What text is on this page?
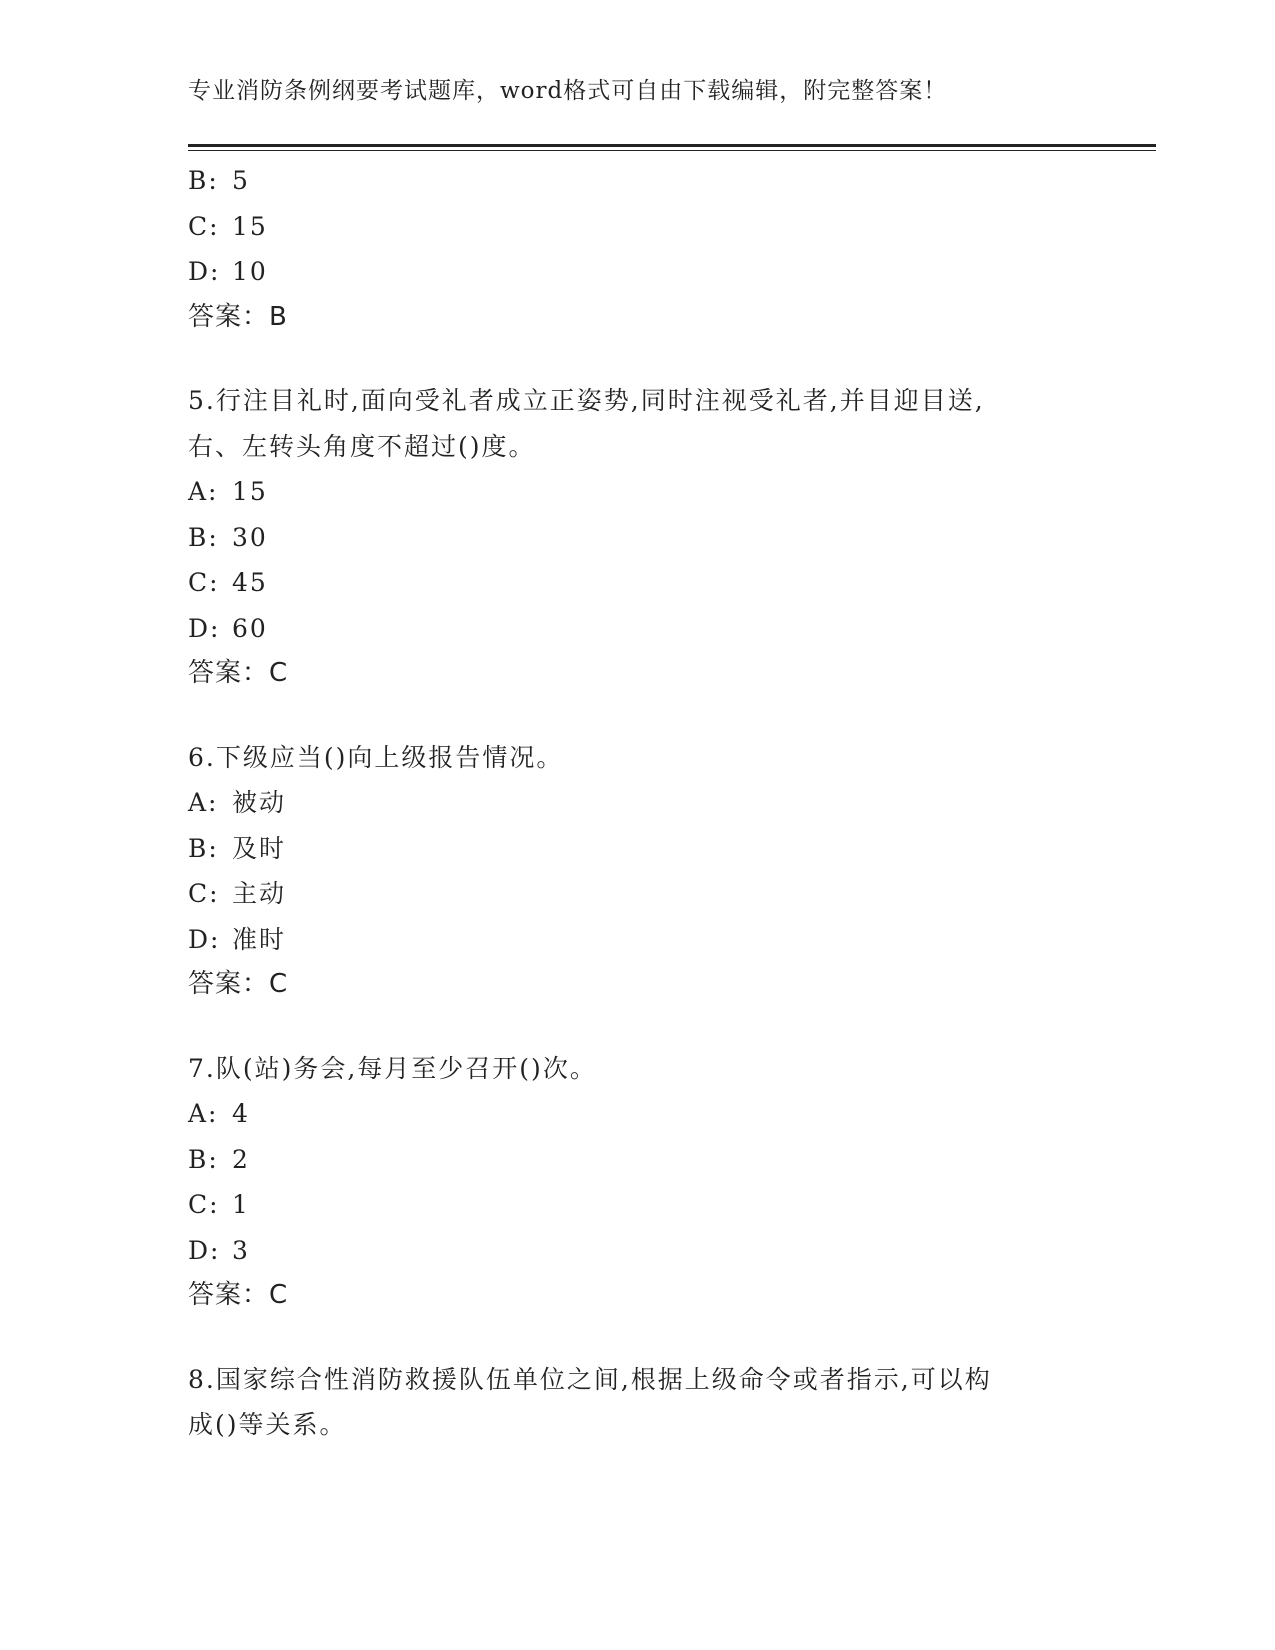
专业消防条例纲要考试题库，word格式可自由下载编辑，附完整答案！
B: 5
C: 15
D: 10
答案：B
5.行注目礼时,面向受礼者成立正姿势,同时注视受礼者,并目迎目送,
右、左转头角度不超过()度。
A: 15
B: 30
C: 45
D: 60
答案：C
6.下级应当()向上级报告情况。
A: 被动
B: 及时
C: 主动
D: 准时
答案：C
7.队(站)务会,每月至少召开()次。
A: 4
B: 2
C: 1
D: 3
答案：C
8.国家综合性消防救援队伍单位之间,根据上级命令或者指示,可以构
成()等关系。
